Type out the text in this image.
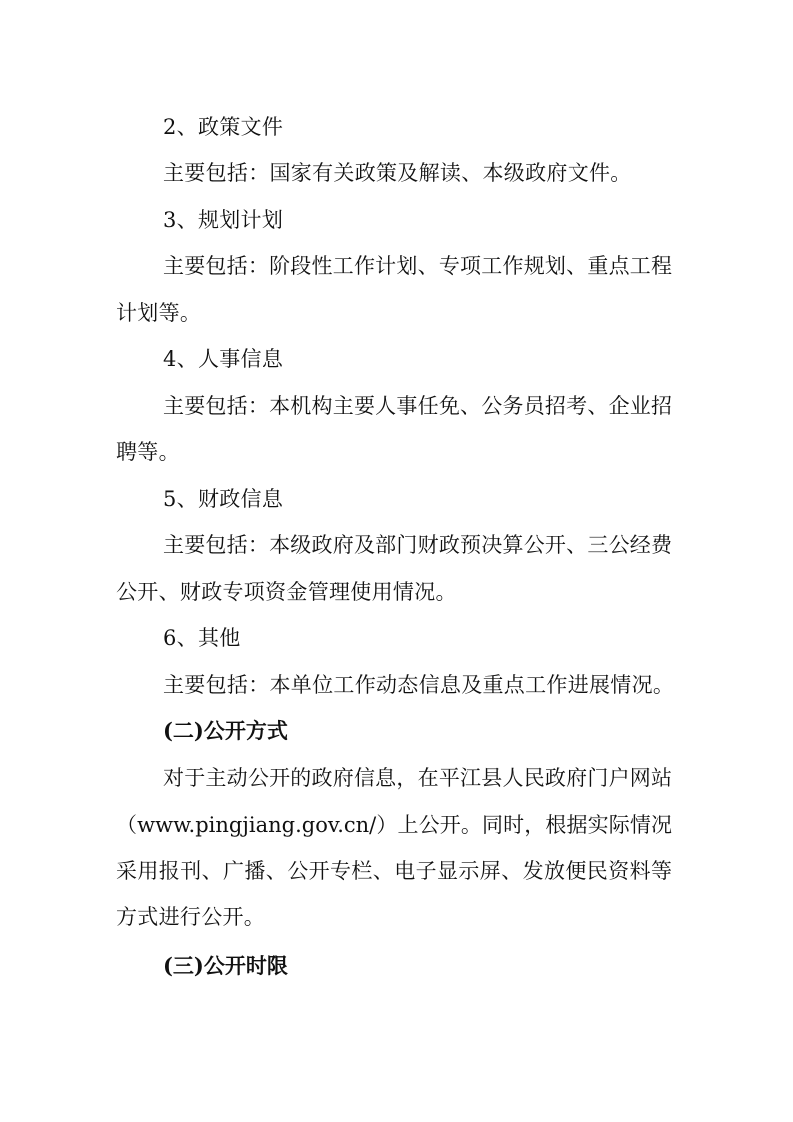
2、政策文件
主要包括：国家有关政策及解读、本级政府文件。
3、规划计划
主要包括：阶段性工作计划、专项工作规划、重点工程
计划等。
4、人事信息
主要包括：本机构主要人事任免、公务员招考、企业招
聘等。
5、财政信息
主要包括：本级政府及部门财政预决算公开、三公经费
公开、财政专项资金管理使用情况。
6、其他
主要包括：本单位工作动态信息及重点工作进展情况。
(二)公开方式
对于主动公开的政府信息，在平江县人民政府门户网站
（www.pingjiang.gov.cn/）上公开。同时，根据实际情况
采用报刊、广播、公开专栏、电子显示屏、发放便民资料等
方式进行公开。
(三)公开时限
